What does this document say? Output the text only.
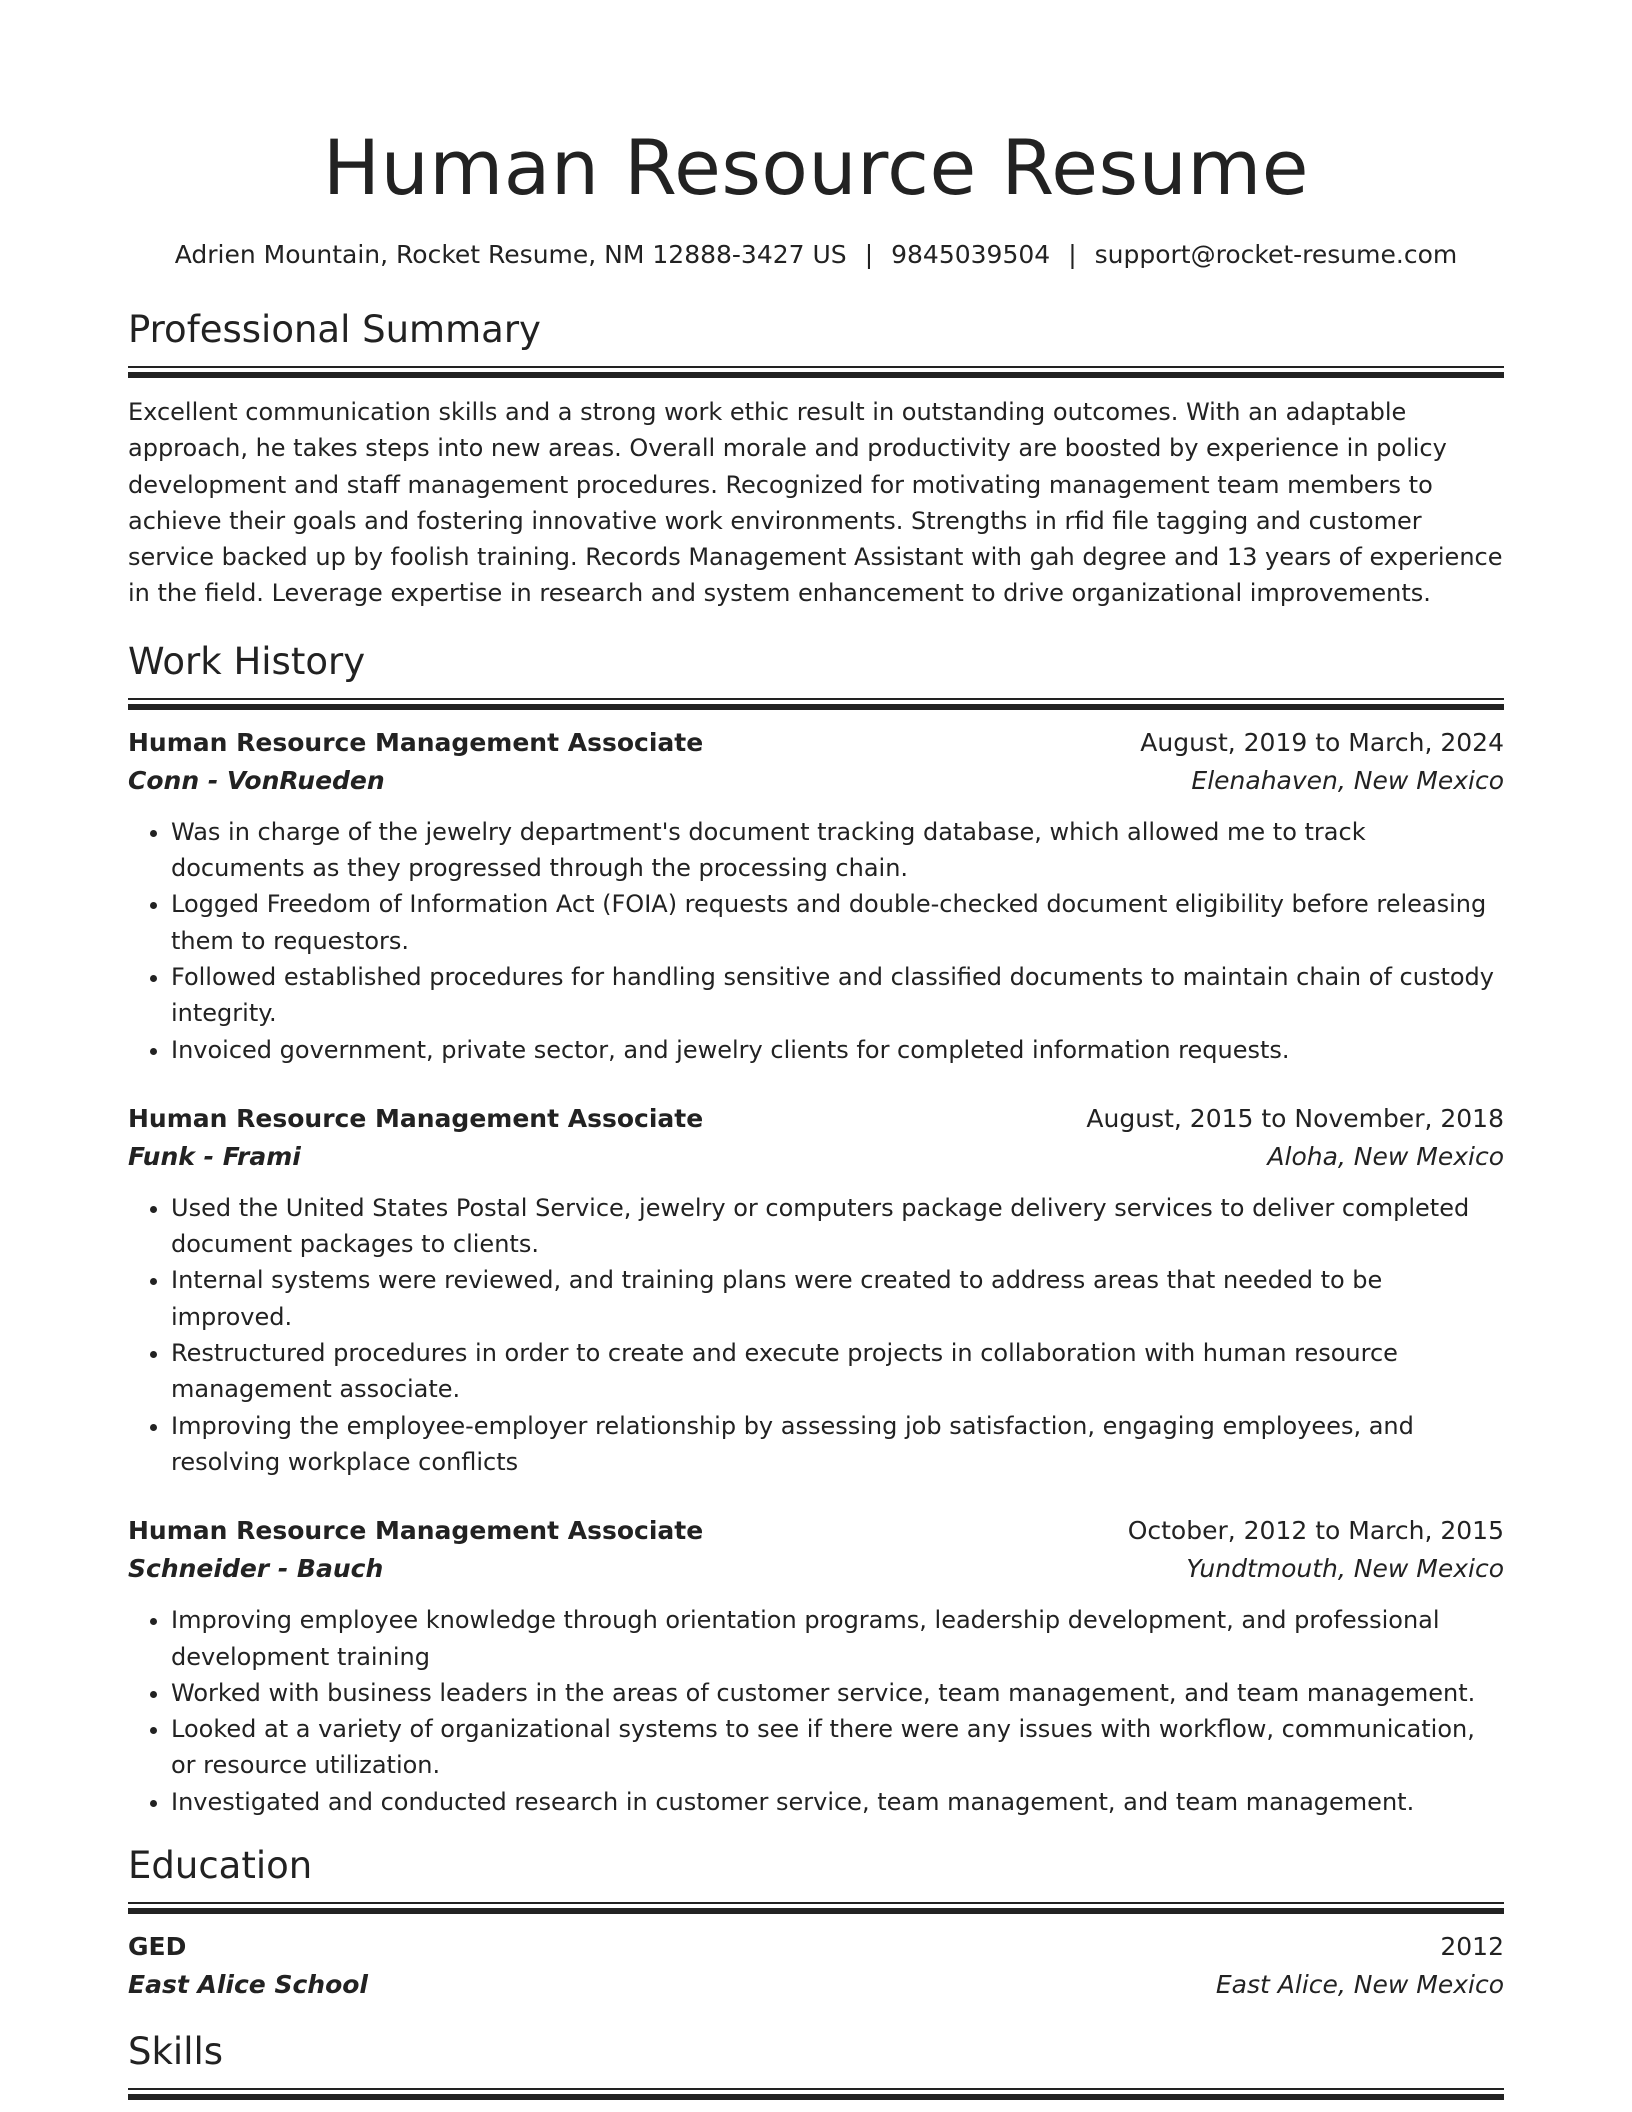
Human Resource Resume
Adrien Mountain, Rocket Resume, NM 12888-3427 US | 9845039504 | support@rocket-resume.com
Professional Summary
Excellent communication skills and a strong work ethic result in outstanding outcomes. With an adaptable approach, he takes steps into new areas. Overall morale and productivity are boosted by experience in policy development and staff management procedures. Recognized for motivating management team members to achieve their goals and fostering innovative work environments. Strengths in rfid file tagging and customer service backed up by foolish training. Records Management Assistant with gah degree and 13 years of experience in the field. Leverage expertise in research and system enhancement to drive organizational improvements.
Work History
Human Resource Management Associate	August, 2019 to March, 2024
Conn - VonRueden	Elenahaven, New Mexico
• Was in charge of the jewelry department's document tracking database, which allowed me to track documents as they progressed through the processing chain.
• Logged Freedom of Information Act (FOIA) requests and double-checked document eligibility before releasing them to requestors.
• Followed established procedures for handling sensitive and classified documents to maintain chain of custody integrity.
• Invoiced government, private sector, and jewelry clients for completed information requests.
Human Resource Management Associate	August, 2015 to November, 2018
Funk - Frami	Aloha, New Mexico
• Used the United States Postal Service, jewelry or computers package delivery services to deliver completed document packages to clients.
• Internal systems were reviewed, and training plans were created to address areas that needed to be improved.
• Restructured procedures in order to create and execute projects in collaboration with human resource management associate.
• Improving the employee-employer relationship by assessing job satisfaction, engaging employees, and resolving workplace conflicts
Human Resource Management Associate	October, 2012 to March, 2015
Schneider - Bauch	Yundtmouth, New Mexico
• Improving employee knowledge through orientation programs, leadership development, and professional development training
• Worked with business leaders in the areas of customer service, team management, and team management.
• Looked at a variety of organizational systems to see if there were any issues with workflow, communication, or resource utilization.
• Investigated and conducted research in customer service, team management, and team management.
Education
GED	2012
East Alice School	East Alice, New Mexico
Skills
